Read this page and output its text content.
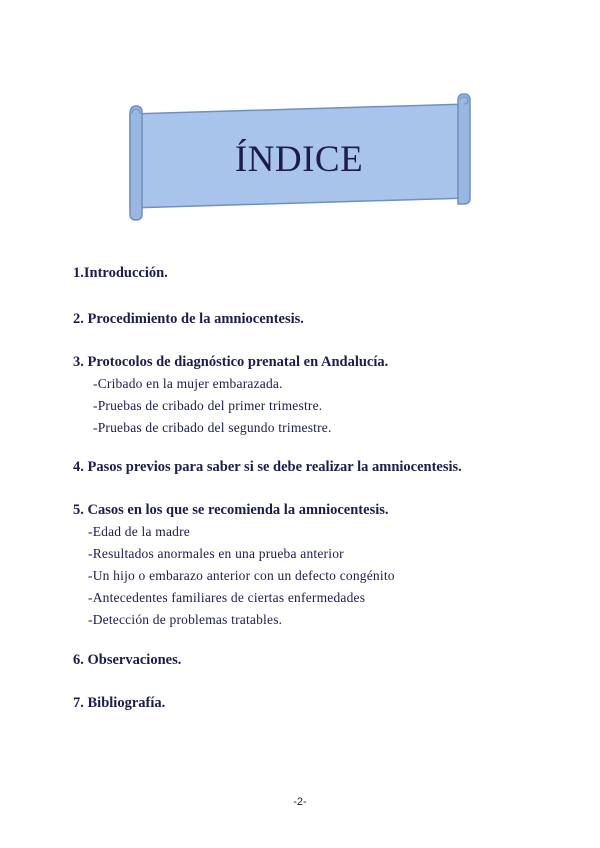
ÍNDICE
1.Introducción.
2. Procedimiento de la amniocentesis.
3. Protocolos de diagnóstico prenatal en Andalucía.
-Cribado en la mujer embarazada.
-Pruebas de cribado del primer trimestre.
-Pruebas de cribado del segundo trimestre.
4. Pasos previos para saber si se debe realizar la amniocentesis.
5. Casos en los que se recomienda la amniocentesis.
-Edad de la madre
-Resultados anormales en una prueba anterior
-Un hijo o embarazo anterior con un defecto congénito
-Antecedentes familiares de ciertas enfermedades
-Detección de problemas tratables.
6. Observaciones.
7. Bibliografía.
-2-
